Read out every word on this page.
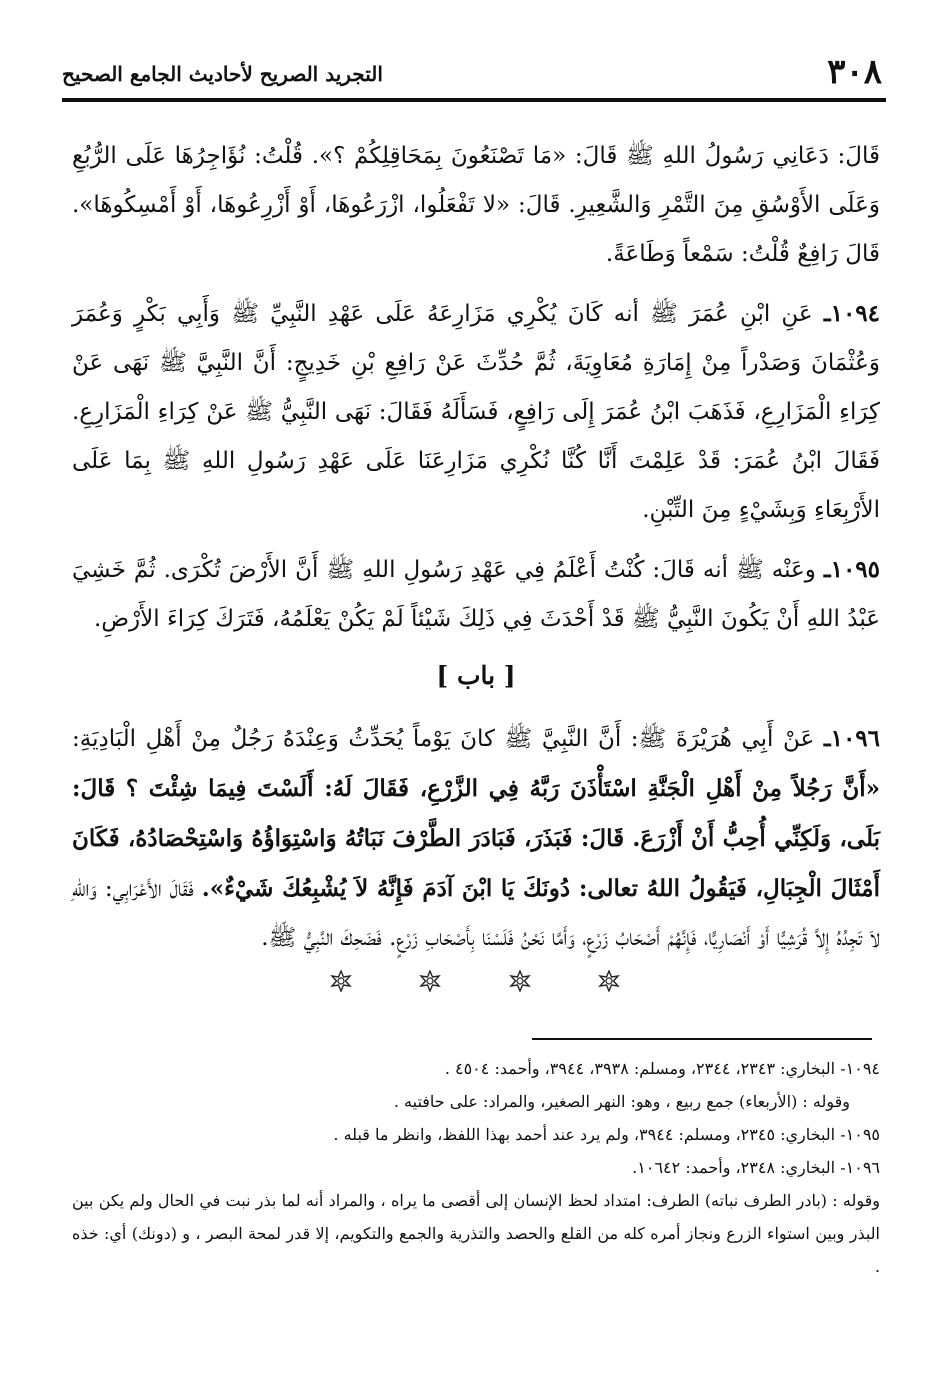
٣٠٨
التجريد الصريح لأحاديث الجامع الصحيح

قَالَ: دَعَانِي رَسُولُ اللهِ ﷺ قَالَ: «مَا تَصْنَعُونَ بِمَحَاقِلِكُمْ ؟». قُلْتُ: نُؤَاجِرُهَا عَلَى الرُّبُعِ وَعَلَى الأَوْسُقِ مِنَ التَّمْرِ وَالشَّعِيرِ. قَالَ: «لا تَفْعَلُوا، ازْرَعُوهَا، أَوْ أَزْرِعُوهَا، أَوْ أَمْسِكُوهَا». قَالَ رَافِعٌ قُلْتُ: سَمْعاً وَطَاعَةً.

١٠٩٤ـ عَنِ ابْنِ عُمَرَ ﷺ أنه كَانَ يُكْرِي مَزَارِعَهُ عَلَى عَهْدِ النَّبِيِّ ﷺ وَأَبِي بَكْرٍ وَعُمَرَ وَعُثْمَانَ وَصَدْراً مِنْ إِمَارَةِ مُعَاوِيَةَ، ثُمَّ حُدِّثَ عَنْ رَافِعِ بْنِ خَدِيجٍ: أَنَّ النَّبِيَّ ﷺ نَهَى عَنْ كِرَاءِ الْمَزَارِعِ، فَذَهَبَ ابْنُ عُمَرَ إِلَى رَافِعٍ، فَسَأَلَهُ فَقَالَ: نَهَى النَّبِيُّ ﷺ عَنْ كِرَاءِ الْمَزَارِعِ. فَقَالَ ابْنُ عُمَرَ: قَدْ عَلِمْتَ أَنَّا كُنَّا نُكْرِي مَزَارِعَنَا عَلَى عَهْدِ رَسُولِ اللهِ ﷺ بِمَا عَلَى الأَرْبِعَاءِ وَبِشَيْءٍ مِنَ التِّبْنِ.

١٠٩٥ـ وعَنْه ﷺ أنه قَالَ: كُنْتُ أَعْلَمُ فِي عَهْدِ رَسُولِ اللهِ ﷺ أَنَّ الأَرْضَ تُكْرَى. ثُمَّ خَشِيَ عَبْدُ اللهِ أَنْ يَكُونَ النَّبِيُّ ﷺ قَدْ أَحْدَثَ فِي ذَلِكَ شَيْئاً لَمْ يَكُنْ يَعْلَمُهُ، فَتَرَكَ كِرَاءَ الأَرْضِ.

[ باب ]

١٠٩٦ـ عَنْ أَبِي هُرَيْرَةَ ﷺ: أَنَّ النَّبِيَّ ﷺ كانَ يَوْماً يُحَدِّثُ وَعِنْدَهُ رَجُلٌ مِنْ أَهْلِ الْبَادِيَةِ: «أَنَّ رَجُلاً مِنْ أَهْلِ الْجَنَّةِ اسْتَأْذَنَ رَبَّهُ فِي الزَّرْعِ، فَقَالَ لَهُ: أَلَسْتَ فِيمَا شِئْتَ ؟ قَالَ: بَلَى، وَلَكِنِّي أُحِبُّ أَنْ أَزْرَعَ. قَالَ: فَبَذَرَ، فَبَادَرَ الطَّرْفَ نَبَاتُهُ وَاسْتِوَاؤُهُ وَاسْتِحْصَادُهُ، فَكَانَ أَمْثَالَ الْجِبَالِ، فَيَقُولُ اللهُ تعالى: دُونَكَ يَا ابْنَ آدَمَ فَإِنَّهُ لاَ يُشْبِعُكَ شَيْءٌ». فَقَالَ الأَعْرَابِي: وَاللهِ لاَ تَجِدُهُ إِلاَّ قُرَشِيًّا أَوْ أَنْصَارِيًّا، فَإِنَّهُمْ أَصْحَابُ زَرْعٍ، وَأَمَّا نَحْنُ فَلَسْنَا بِأَصْحَابِ زَرْعٍ. فَضَحِكَ النَّبِيُّ ﷺ.

١٠٩٤- البخاري: ٢٣٤٣، ٢٣٤٤، ومسلم: ٣٩٣٨، ٣٩٤٤، وأحمد: ٤٥٠٤ .

وقوله : (الأربعاء) جمع ربيع ، وهو: النهر الصغير، والمراد: على حافتيه .

١٠٩٥- البخاري: ٢٣٤٥، ومسلم: ٣٩٤٤، ولم يرد عند أحمد بهذا اللفظ، وانظر ما قبله .

١٠٩٦- البخاري: ٢٣٤٨، وأحمد: ١٠٦٤٢.

وقوله : (بادر الطرف نباته) الطرف: امتداد لحظ الإنسان إلى أقصى ما يراه ، والمراد أنه لما بذر نبت في الحال ولم يكن بين البذر وبين استواء الزرع ونجاز أمره كله من القلع والحصد والتذرية والجمع والتكويم، إلا قدر لمحة البصر ، و (دونك) أي: خذه .
